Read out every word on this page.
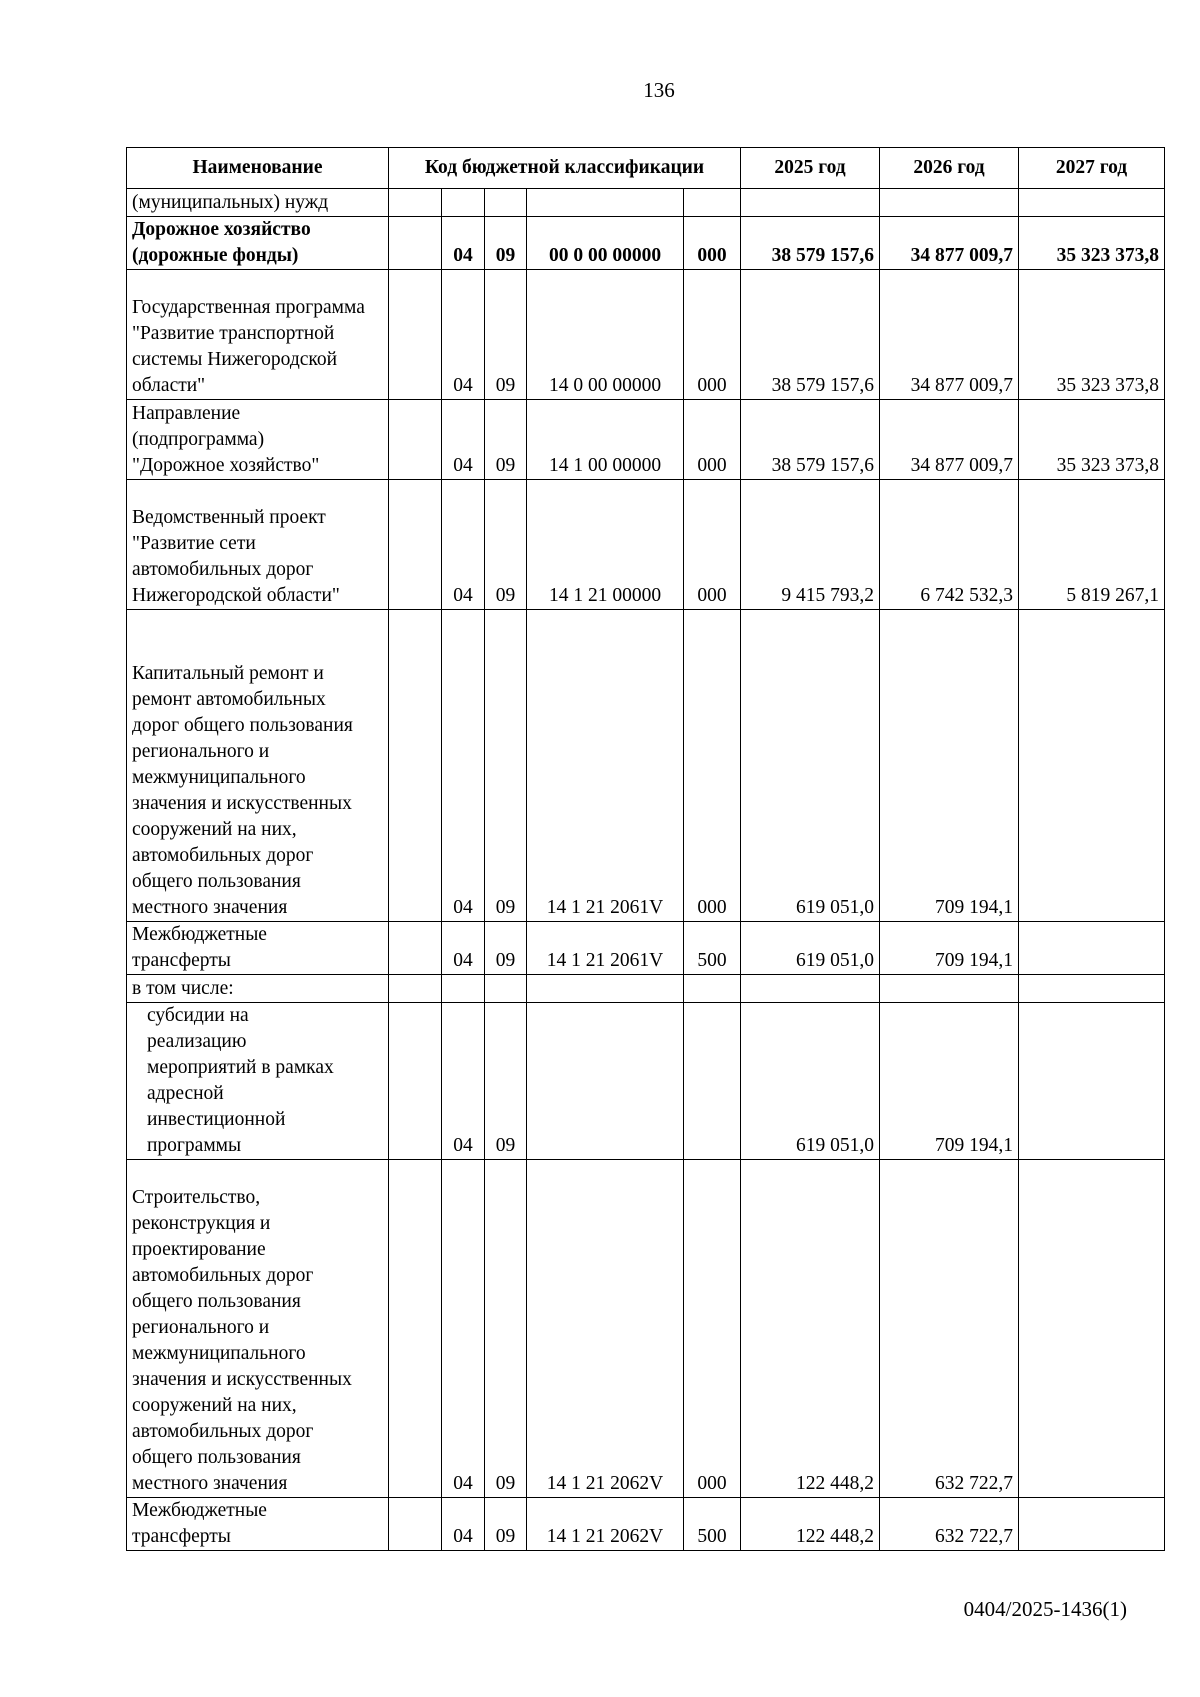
136
Наименование	Код бюджетной классификации					2025 год	2026 год	2027 год
(муниципальных) нужд								
Дорожное хозяйство (дорожные фонды)		04	09	00 0 00 00000	000	38 579 157,6	34 877 009,7	35 323 373,8
Государственная программа "Развитие транспортной системы Нижегородской области"		04	09	14 0 00 00000	000	38 579 157,6	34 877 009,7	35 323 373,8
Направление (подпрограмма) "Дорожное хозяйство"		04	09	14 1 00 00000	000	38 579 157,6	34 877 009,7	35 323 373,8
Ведомственный проект "Развитие сети автомобильных дорог Нижегородской области"		04	09	14 1 21 00000	000	9 415 793,2	6 742 532,3	5 819 267,1
Капитальный ремонт и ремонт автомобильных дорог общего пользования регионального и межмуниципального значения и искусственных сооружений на них, автомобильных дорог общего пользования местного значения		04	09	14 1 21 2061V	000	619 051,0	709 194,1	
Межбюджетные трансферты		04	09	14 1 21 2061V	500	619 051,0	709 194,1	
в том числе:								
субсидии на реализацию мероприятий в рамках адресной инвестиционной программы		04	09			619 051,0	709 194,1	
Строительство, реконструкция и проектирование автомобильных дорог общего пользования регионального и межмуниципального значения и искусственных сооружений на них, автомобильных дорог общего пользования местного значения		04	09	14 1 21 2062V	000	122 448,2	632 722,7	
Межбюджетные трансферты		04	09	14 1 21 2062V	500	122 448,2	632 722,7	
0404/2025-1436(1)
